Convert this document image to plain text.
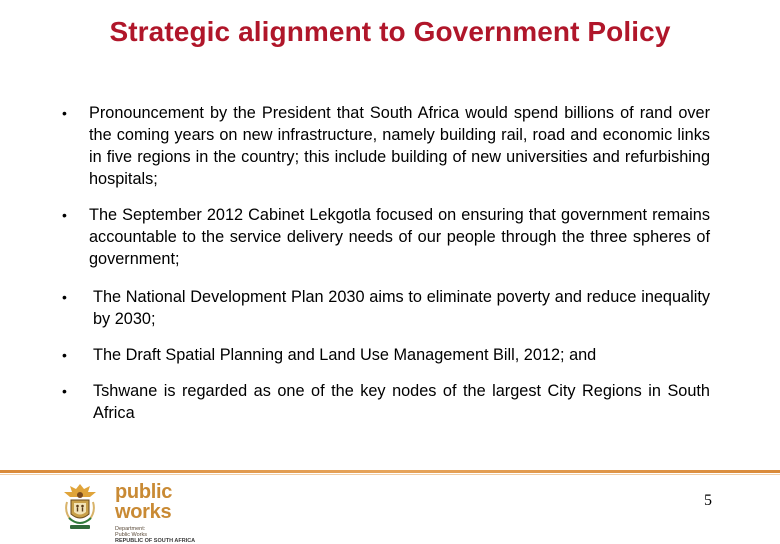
Strategic alignment to Government Policy
•	Pronouncement by the President that South Africa would spend billions of rand over the coming years on new infrastructure, namely building rail, road and economic links in five regions in the country; this include building of new universities and refurbishing hospitals;
•	The September 2012 Cabinet Lekgotla focused on ensuring that government remains accountable to the service delivery needs of our people through the three spheres of government;
•	The National Development Plan 2030 aims to eliminate poverty and reduce inequality by 2030;
•	The Draft Spatial Planning and Land Use Management Bill, 2012; and
•	Tshwane is regarded as one of the key nodes of the largest City Regions in South Africa
public works
Department:
Public Works
REPUBLIC OF SOUTH AFRICA
5
